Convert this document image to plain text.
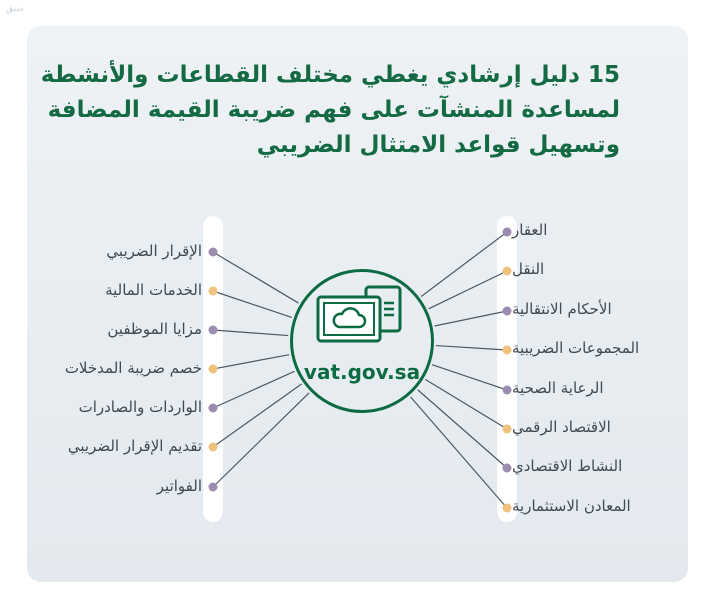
سبق
15 دليل إرشادي يغطي مختلف القطاعات والأنشطة
لمساعدة المنشآت على فهم ضريبة القيمة المضافة
وتسهيل قواعد الامتثال الضريبي
vat.gov.sa
العقار
النقل
الأحكام الانتقالية
المجموعات الضريبية
الرعاية الصحية
الاقتصاد الرقمي
النشاط الاقتصادي
المعادن الاستثمارية
الإقرار الضريبي
الخدمات المالية
مزايا الموظفين
خصم ضريبة المدخلات
الواردات والصادرات
تقديم الإقرار الضريبي
الفواتير
